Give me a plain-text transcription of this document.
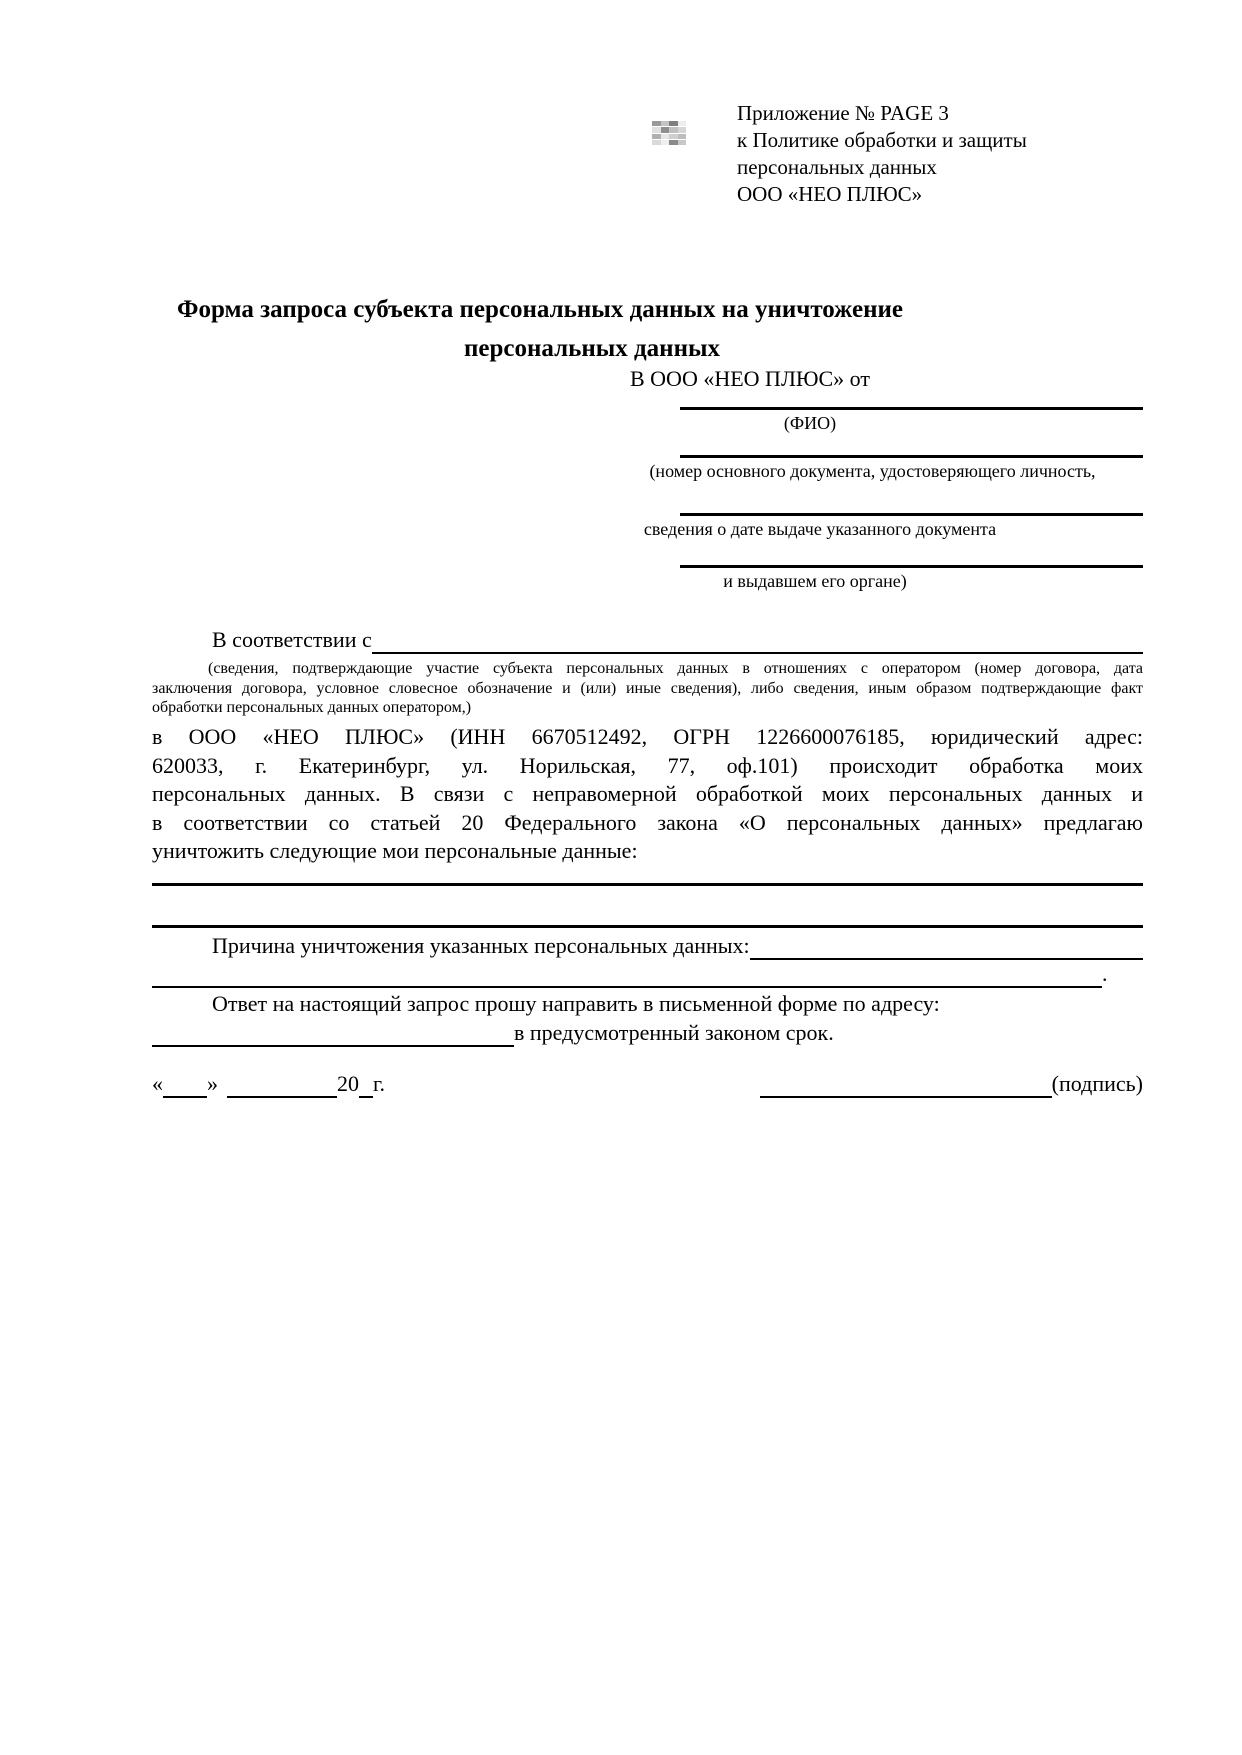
Приложение № PAGE 3
к Политике обработки и защиты
персональных данных
ООО «НЕО ПЛЮС»
Форма запроса субъекта персональных данных на уничтожение
персональных данных
В ООО «НЕО ПЛЮС» от
(ФИО)
(номер основного документа, удостоверяющего личность,
сведения о дате выдаче указанного документа
и выдавшем его органе)
В соответствии с
(сведения, подтверждающие участие субъекта персональных данных в отношениях с оператором (номер договора, дата
заключения договора, условное словесное обозначение и (или) иные сведения), либо сведения, иным образом подтверждающие факт
обработки персональных данных оператором,)
в ООО «НЕО ПЛЮС» (ИНН 6670512492, ОГРН 1226600076185, юридический адрес:
620033, г. Екатеринбург, ул. Норильская, 77, оф.101) происходит обработка моих
персональных данных. В связи с неправомерной обработкой моих персональных данных и
в соответствии со статьей 20 Федерального закона «О персональных данных» предлагаю
уничтожить следующие мои персональные данные:
Причина уничтожения указанных персональных данных:
.
Ответ на настоящий запрос прошу направить в письменной форме по адресу:
в предусмотренный законом срок.
« »	20 г.	(подпись)
